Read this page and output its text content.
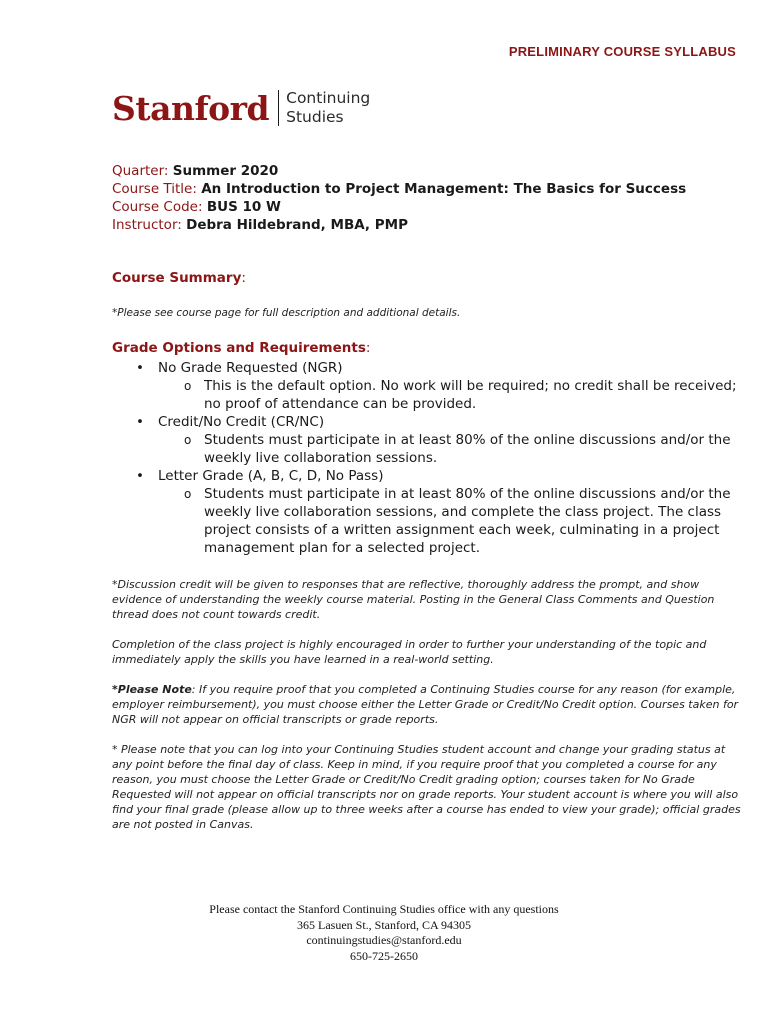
PRELIMINARY COURSE SYLLABUS
Stanford Continuing
Studies
Quarter: Summer 2020
Course Title: An Introduction to Project Management: The Basics for Success
Course Code: BUS 10 W
Instructor: Debra Hildebrand, MBA, PMP
Course Summary:
*Please see course page for full description and additional details.
Grade Options and Requirements:
• No Grade Requested (NGR)
o This is the default option. No work will be required; no credit shall be received; no proof of attendance can be provided.
• Credit/No Credit (CR/NC)
o Students must participate in at least 80% of the online discussions and/or the weekly live collaboration sessions.
• Letter Grade (A, B, C, D, No Pass)
o Students must participate in at least 80% of the online discussions and/or the weekly live collaboration sessions, and complete the class project. The class project consists of a written assignment each week, culminating in a project management plan for a selected project.
*Discussion credit will be given to responses that are reflective, thoroughly address the prompt, and show evidence of understanding the weekly course material. Posting in the General Class Comments and Question thread does not count towards credit.
Completion of the class project is highly encouraged in order to further your understanding of the topic and immediately apply the skills you have learned in a real-world setting.
*Please Note: If you require proof that you completed a Continuing Studies course for any reason (for example, employer reimbursement), you must choose either the Letter Grade or Credit/No Credit option. Courses taken for NGR will not appear on official transcripts or grade reports.
* Please note that you can log into your Continuing Studies student account and change your grading status at any point before the final day of class. Keep in mind, if you require proof that you completed a course for any reason, you must choose the Letter Grade or Credit/No Credit grading option; courses taken for No Grade Requested will not appear on official transcripts nor on grade reports. Your student account is where you will also find your final grade (please allow up to three weeks after a course has ended to view your grade); official grades are not posted in Canvas.
Please contact the Stanford Continuing Studies office with any questions
365 Lasuen St., Stanford, CA 94305
continuingstudies@stanford.edu
650-725-2650
